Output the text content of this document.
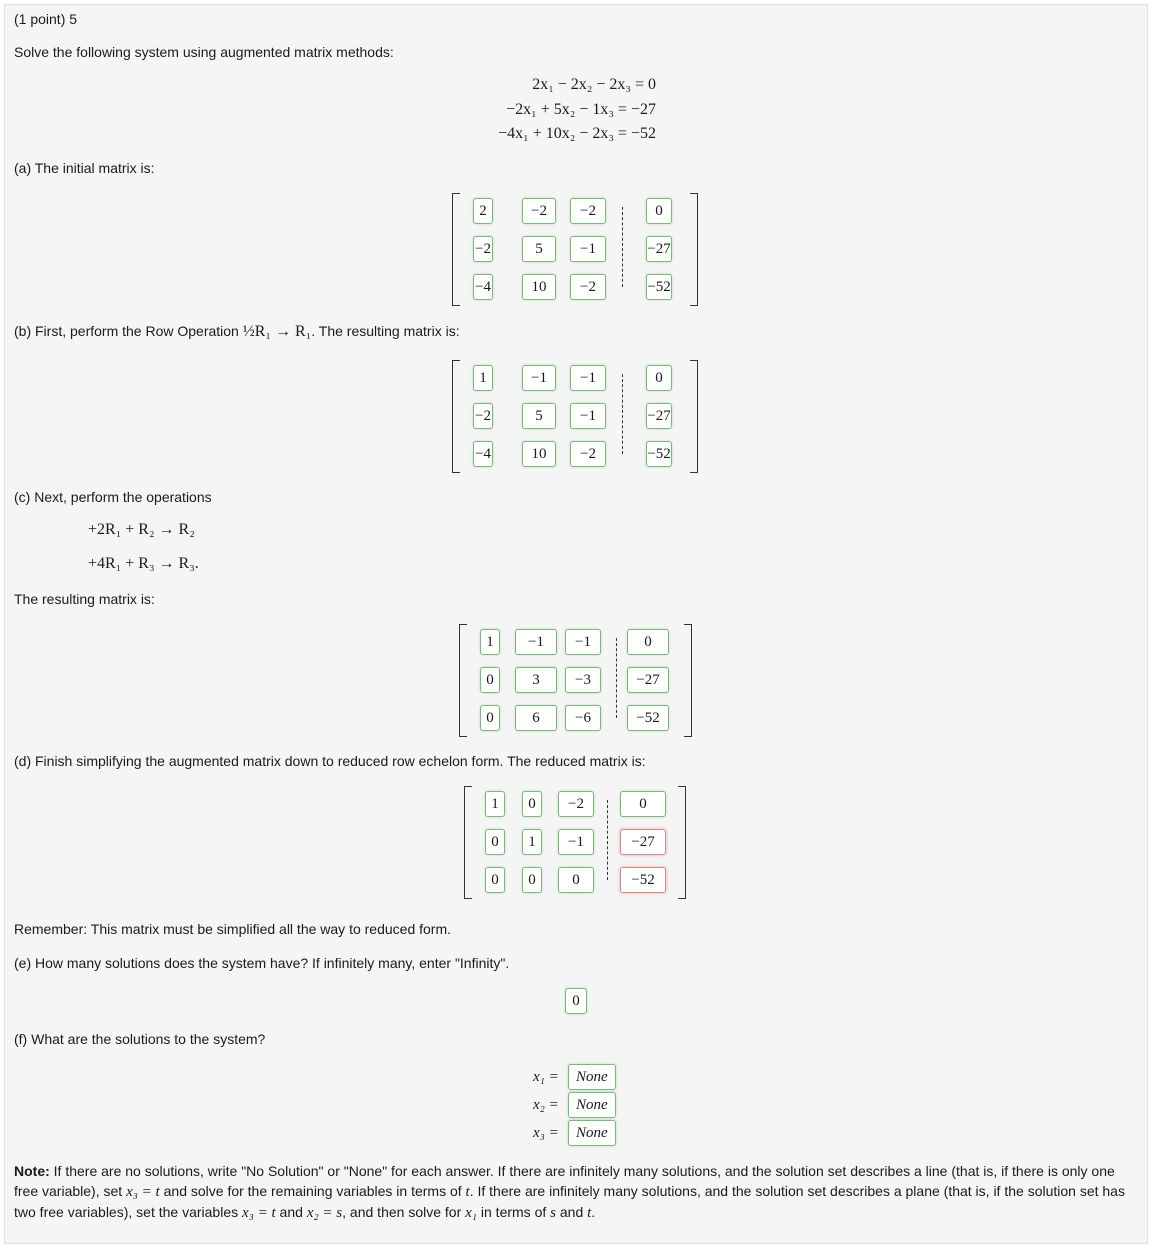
(1 point) 5
Solve the following system using augmented matrix methods:
2x₁ − 2x₂ − 2x₃ = 0
−2x₁ + 5x₂ − 1x₃ = −27
−4x₁ + 10x₂ − 2x₃ = −52
(a) The initial matrix is:
2	−2	−2	0
−2	5	−1	−27
−4	10	−2	−52
(b) First, perform the Row Operation ½R₁ → R₁. The resulting matrix is:
1	−1	−1	0
−2	5	−1	−27
−4	10	−2	−52
(c) Next, perform the operations
+2R₁ + R₂ → R₂
+4R₁ + R₃ → R₃.
The resulting matrix is:
1	−1	−1	0
0	3	−3	−27
0	6	−6	−52
(d) Finish simplifying the augmented matrix down to reduced row echelon form. The reduced matrix is:
1	0	−2	0
0	1	−1	−27
0	0	0	−52
Remember: This matrix must be simplified all the way to reduced form.
(e) How many solutions does the system have? If infinitely many, enter "Infinity".
0
(f) What are the solutions to the system?
x₁ =	None
x₂ =	None
x₃ =	None
Note: If there are no solutions, write "No Solution" or "None" for each answer. If there are infinitely many solutions, and the solution set describes a line (that is, if there is only one free variable), set x₃ = t and solve for the remaining variables in terms of t. If there are infinitely many solutions, and the solution set describes a plane (that is, if the solution set has two free variables), set the variables x₃ = t and x₂ = s, and then solve for x₁ in terms of s and t.
